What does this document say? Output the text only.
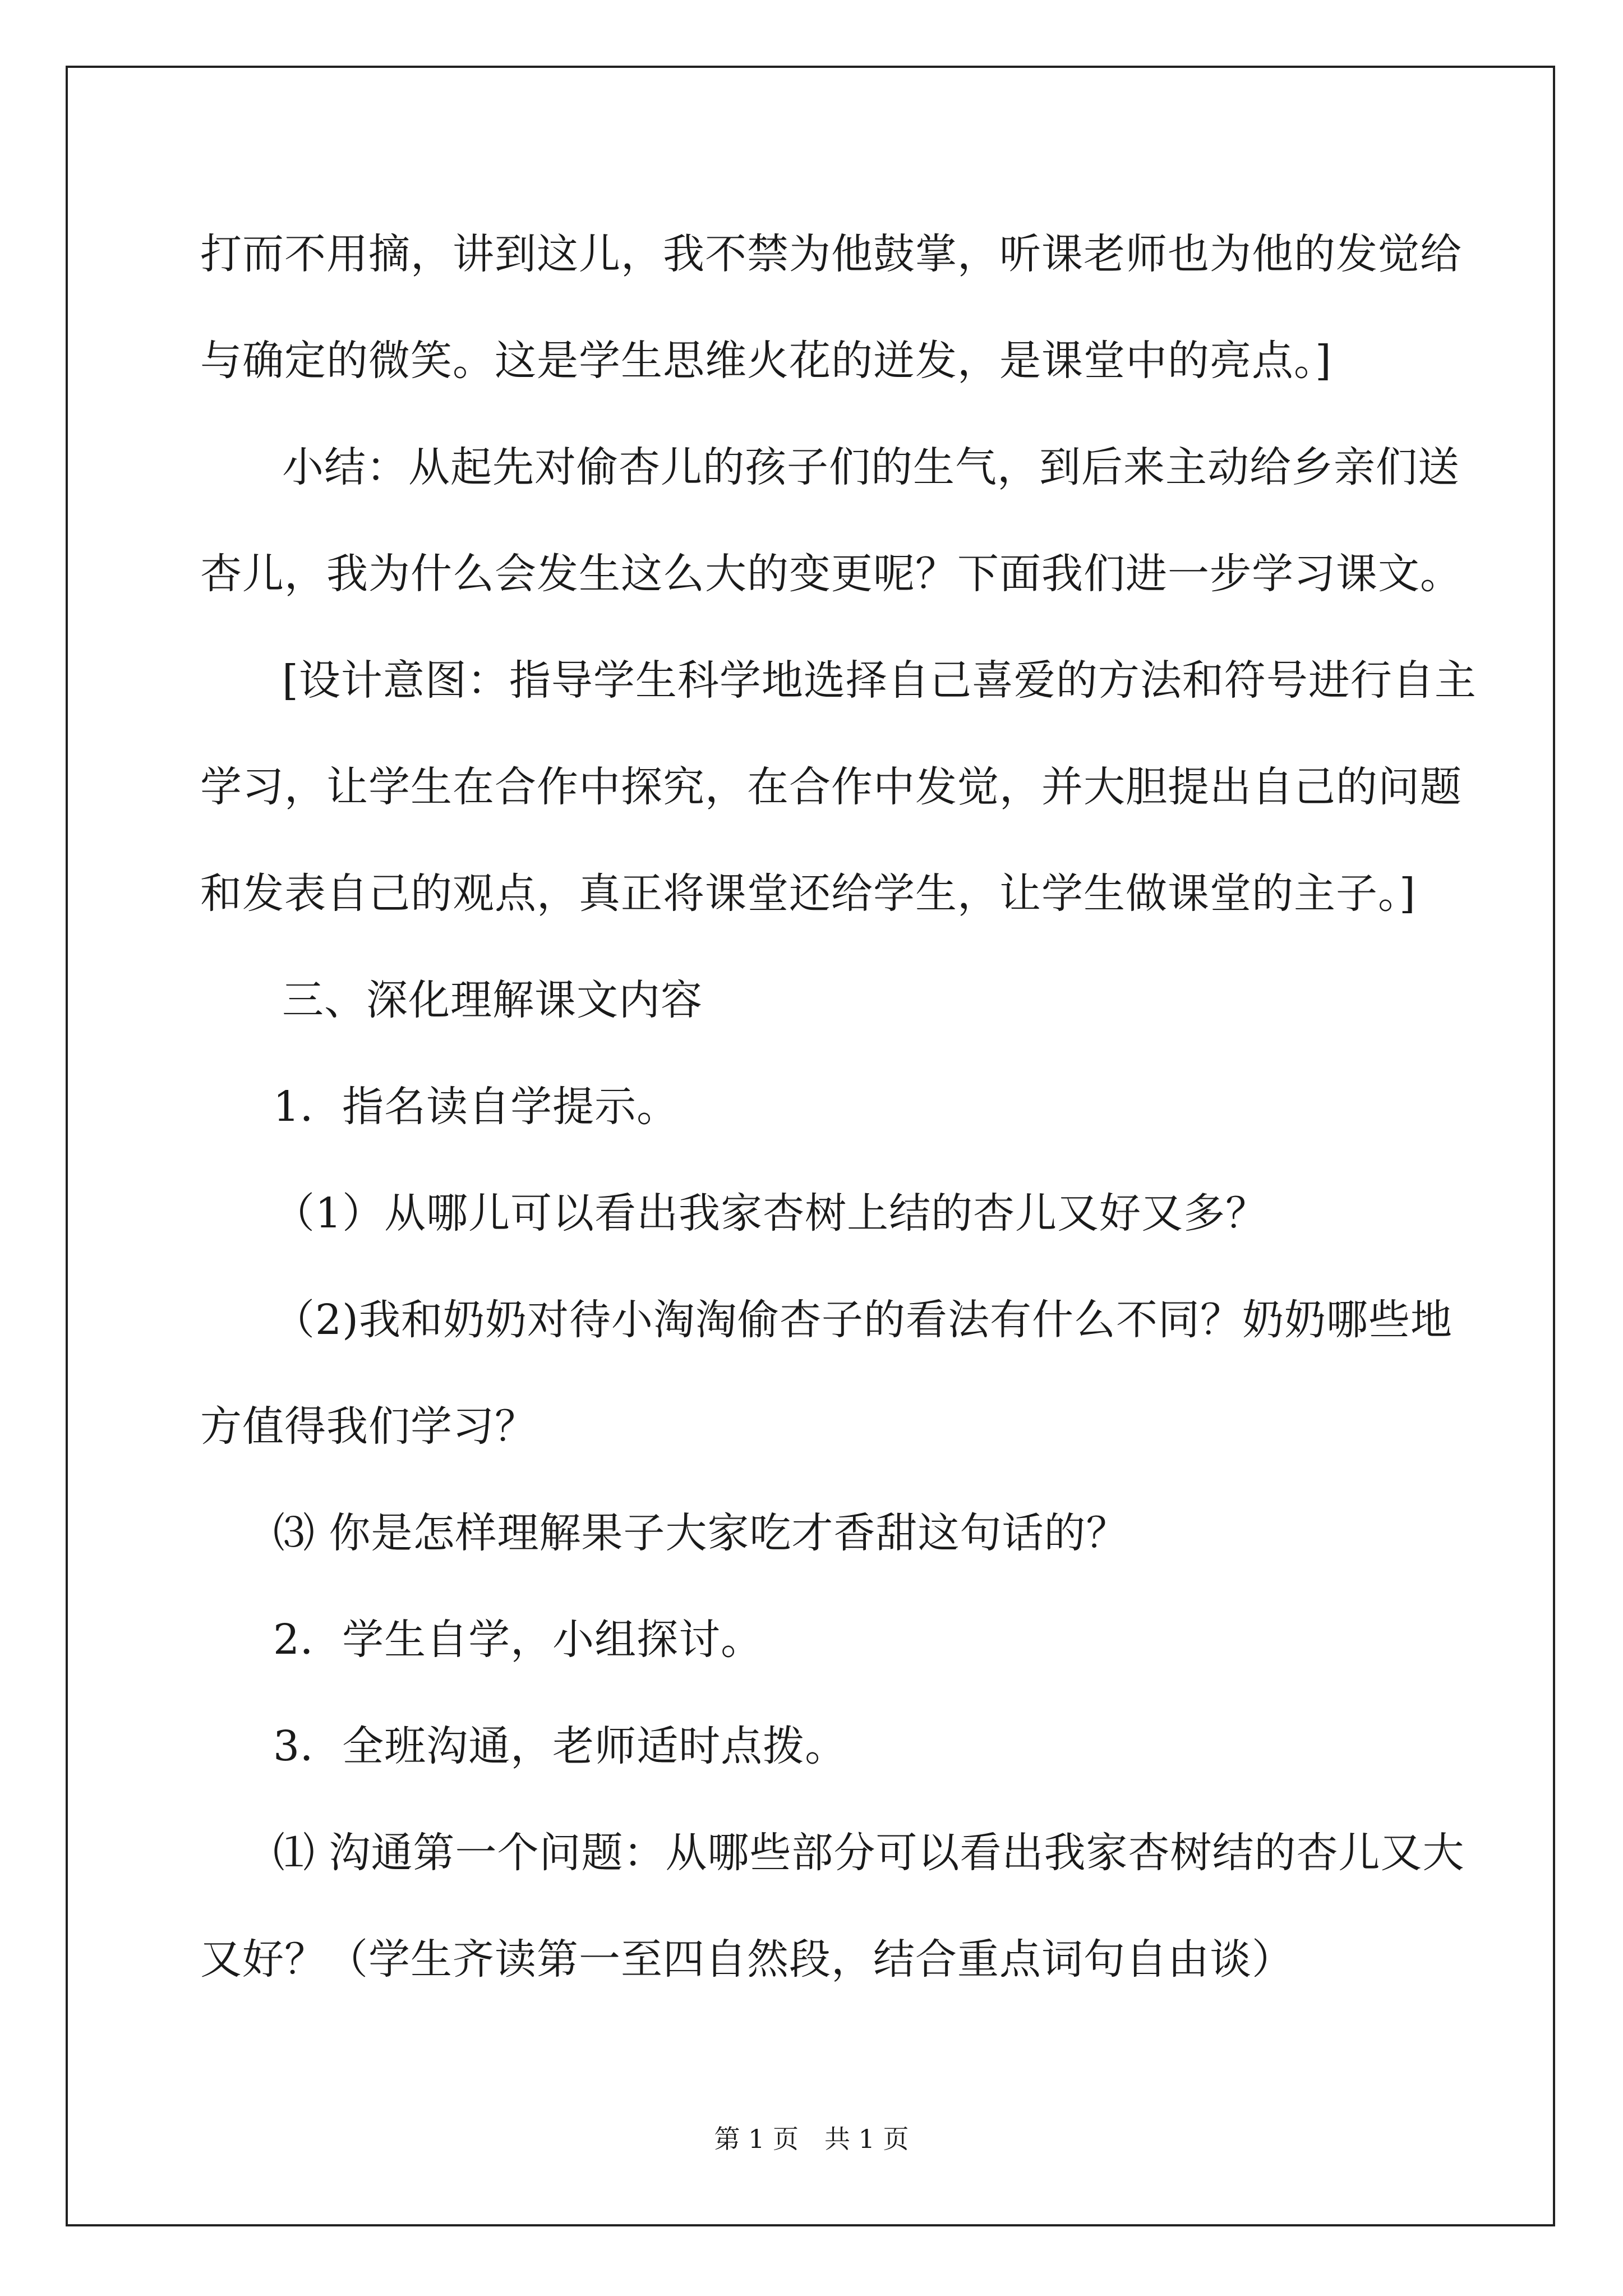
打而不用摘，讲到这儿，我不禁为他鼓掌，听课老师也为他的发觉给
与确定的微笑。这是学生思维火花的迸发，是课堂中的亮点。]
小结：从起先对偷杏儿的孩子们的生气，到后来主动给乡亲们送
杏儿，我为什么会发生这么大的变更呢？下面我们进一步学习课文。
[设计意图：指导学生科学地选择自己喜爱的方法和符号进行自主
学习，让学生在合作中探究，在合作中发觉，并大胆提出自己的问题
和发表自己的观点，真正将课堂还给学生，让学生做课堂的主子。]
三、深化理解课文内容
1．指名读自学提示。
（1）从哪儿可以看出我家杏树上结的杏儿又好又多？
（2)我和奶奶对待小淘淘偷杏子的看法有什么不同？奶奶哪些地
方值得我们学习？
⑶ 你是怎样理解果子大家吃才香甜这句话的？
2．学生自学，小组探讨。
3．全班沟通，老师适时点拨。
⑴ 沟通第一个问题：从哪些部分可以看出我家杏树结的杏儿又大
又好？（学生齐读第一至四自然段，结合重点词句自由谈）
第 1 页　共 1 页
